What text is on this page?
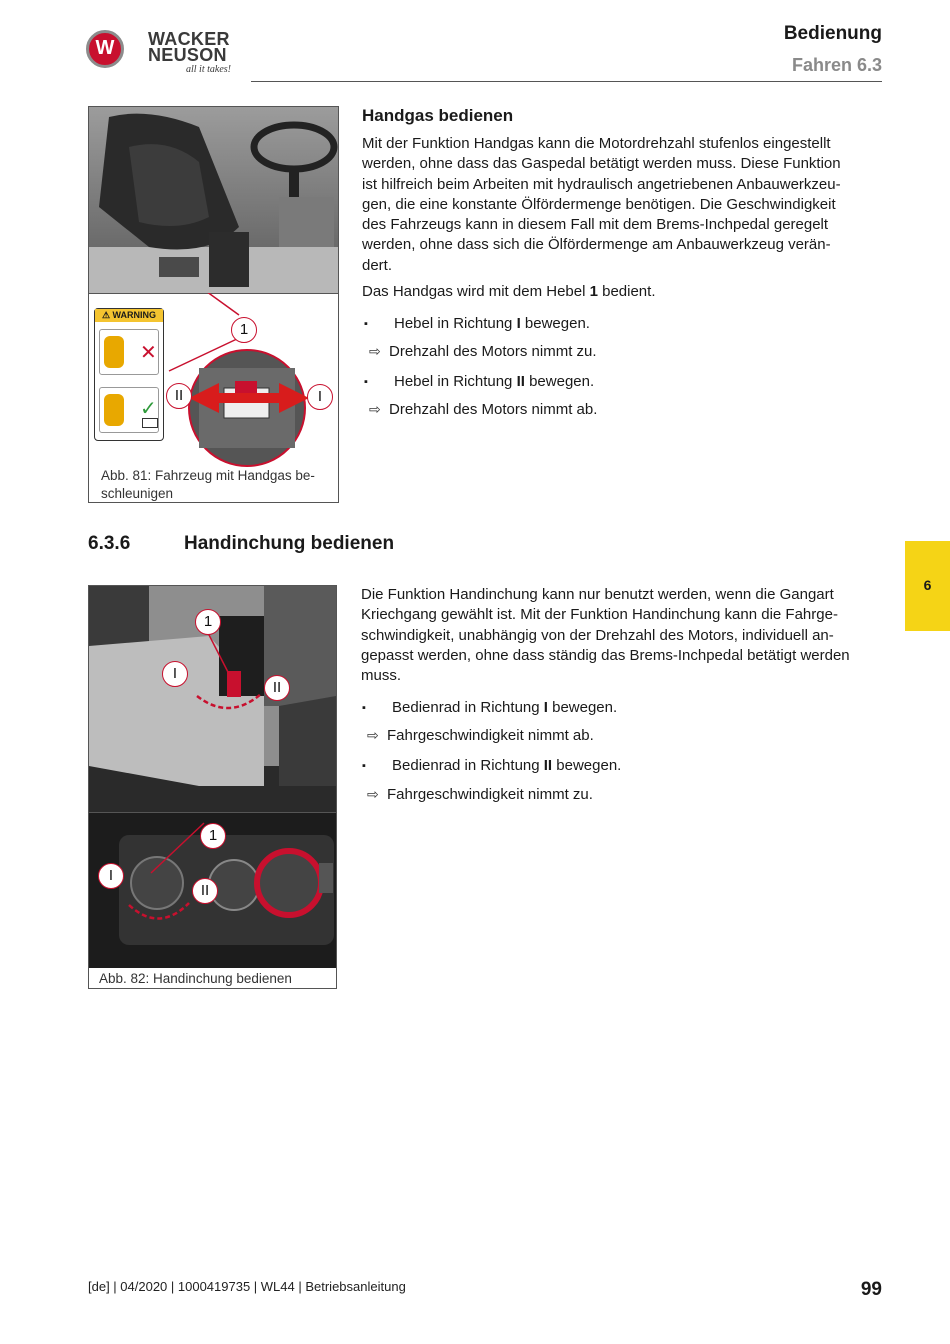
W
WACKER
NEUSON
all it takes!
Bedienung
Fahren 6.3
⚠ WARNING
✕
✓
1
II	I
Abb. 81: Fahrzeug mit Handgas be-
schleunigen
Handgas bedienen
Mit der Funktion Handgas kann die Motordrehzahl stufenlos eingestellt
werden, ohne dass das Gaspedal betätigt werden muss. Diese Funktion
ist hilfreich beim Arbeiten mit hydraulisch angetriebenen Anbauwerkzeu-
gen, die eine konstante Ölfördermenge benötigen. Die Geschwindigkeit
des Fahrzeugs kann in diesem Fall mit dem Brems-Inchpedal geregelt
werden, ohne dass sich die Ölfördermenge am Anbauwerkzeug verän-
dert.
Das Handgas wird mit dem Hebel 1 bedient.
▪ Hebel in Richtung I bewegen.
⇨ Drehzahl des Motors nimmt zu.
▪ Hebel in Richtung II bewegen.
⇨ Drehzahl des Motors nimmt ab.
6.3.6	Handinchung bedienen
6
1
I
II
1
I
II
Abb. 82: Handinchung bedienen
Die Funktion Handinchung kann nur benutzt werden, wenn die Gangart
Kriechgang gewählt ist. Mit der Funktion Handinchung kann die Fahrge-
schwindigkeit, unabhängig von der Drehzahl des Motors, individuell an-
gepasst werden, ohne dass ständig das Brems-Inchpedal betätigt werden
muss.
▪ Bedienrad in Richtung I bewegen.
⇨ Fahrgeschwindigkeit nimmt ab.
▪ Bedienrad in Richtung II bewegen.
⇨ Fahrgeschwindigkeit nimmt zu.
[de] | 04/2020 | 1000419735 | WL44 | Betriebsanleitung	99
